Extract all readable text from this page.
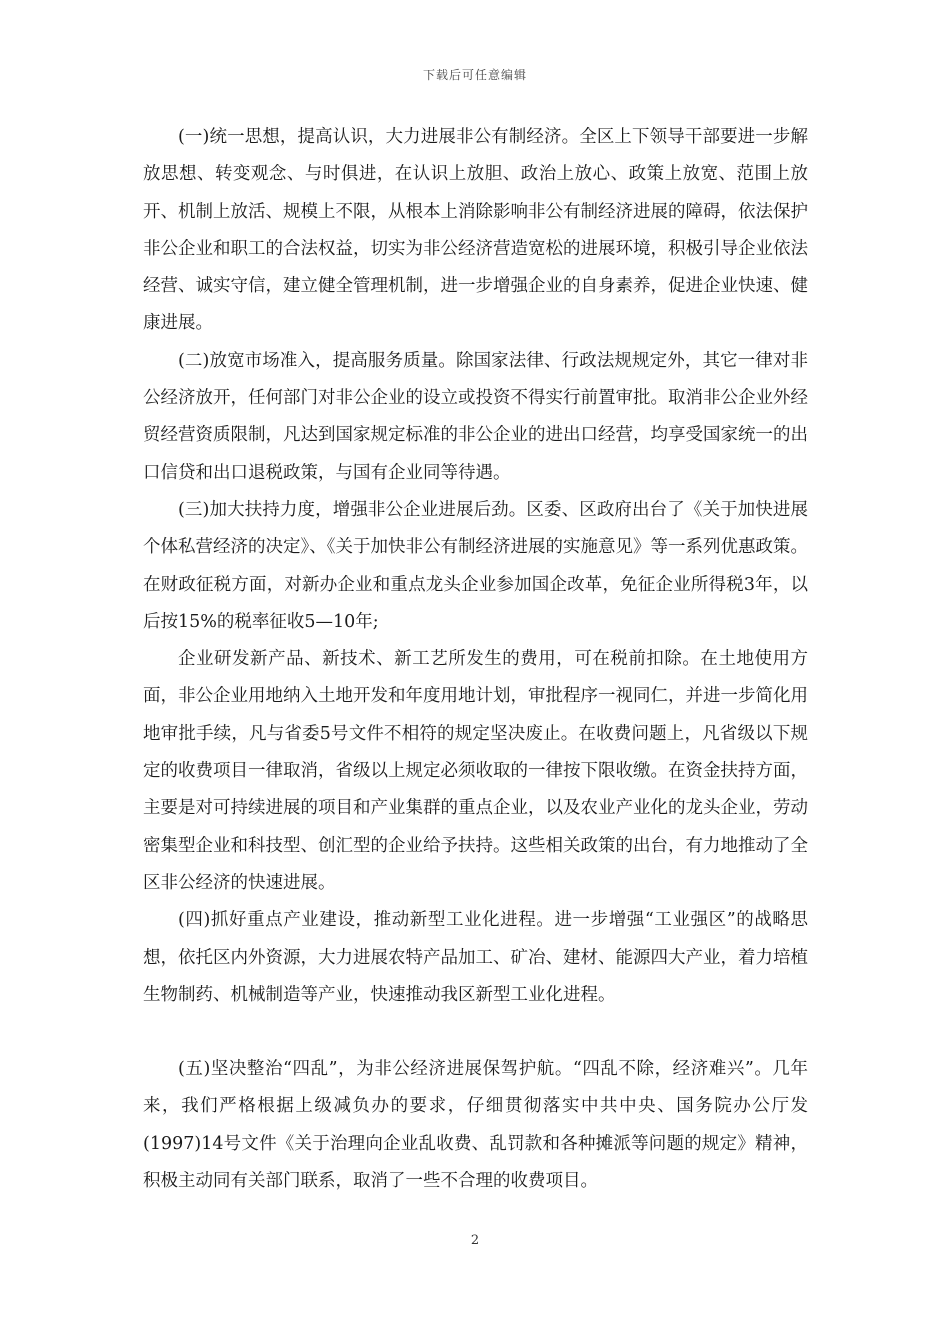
下载后可任意编辑

(一)统一思想，提高认识，大力进展非公有制经济。全区上下领导干部要进一步解放思想、转变观念、与时俱进，在认识上放胆、政治上放心、政策上放宽、范围上放开、机制上放活、规模上不限，从根本上消除影响非公有制经济进展的障碍，依法保护非公企业和职工的合法权益，切实为非公经济营造宽松的进展环境，积极引导企业依法经营、诚实守信，建立健全管理机制，进一步增强企业的自身素养，促进企业快速、健康进展。

(二)放宽市场准入，提高服务质量。除国家法律、行政法规规定外，其它一律对非公经济放开，任何部门对非公企业的设立或投资不得实行前置审批。取消非公企业外经贸经营资质限制，凡达到国家规定标准的非公企业的进出口经营，均享受国家统一的出口信贷和出口退税政策，与国有企业同等待遇。

(三)加大扶持力度，增强非公企业进展后劲。区委、区政府出台了《关于加快进展个体私营经济的决定》、《关于加快非公有制经济进展的实施意见》等一系列优惠政策。在财政征税方面，对新办企业和重点龙头企业参加国企改革，免征企业所得税3年，以后按15%的税率征收5—10年;

企业研发新产品、新技术、新工艺所发生的费用，可在税前扣除。在土地使用方面，非公企业用地纳入土地开发和年度用地计划，审批程序一视同仁，并进一步简化用地审批手续，凡与省委5号文件不相符的规定坚决废止。在收费问题上，凡省级以下规定的收费项目一律取消，省级以上规定必须收取的一律按下限收缴。在资金扶持方面，主要是对可持续进展的项目和产业集群的重点企业，以及农业产业化的龙头企业，劳动密集型企业和科技型、创汇型的企业给予扶持。这些相关政策的出台，有力地推动了全区非公经济的快速进展。

(四)抓好重点产业建设，推动新型工业化进程。进一步增强“工业强区”的战略思想，依托区内外资源，大力进展农特产品加工、矿冶、建材、能源四大产业，着力培植生物制药、机械制造等产业，快速推动我区新型工业化进程。

(五)坚决整治“四乱”，为非公经济进展保驾护航。“四乱不除，经济难兴”。几年来，我们严格根据上级减负办的要求，仔细贯彻落实中共中央、国务院办公厅发(1997)14号文件《关于治理向企业乱收费、乱罚款和各种摊派等问题的规定》精神，积极主动同有关部门联系，取消了一些不合理的收费项目。

2
